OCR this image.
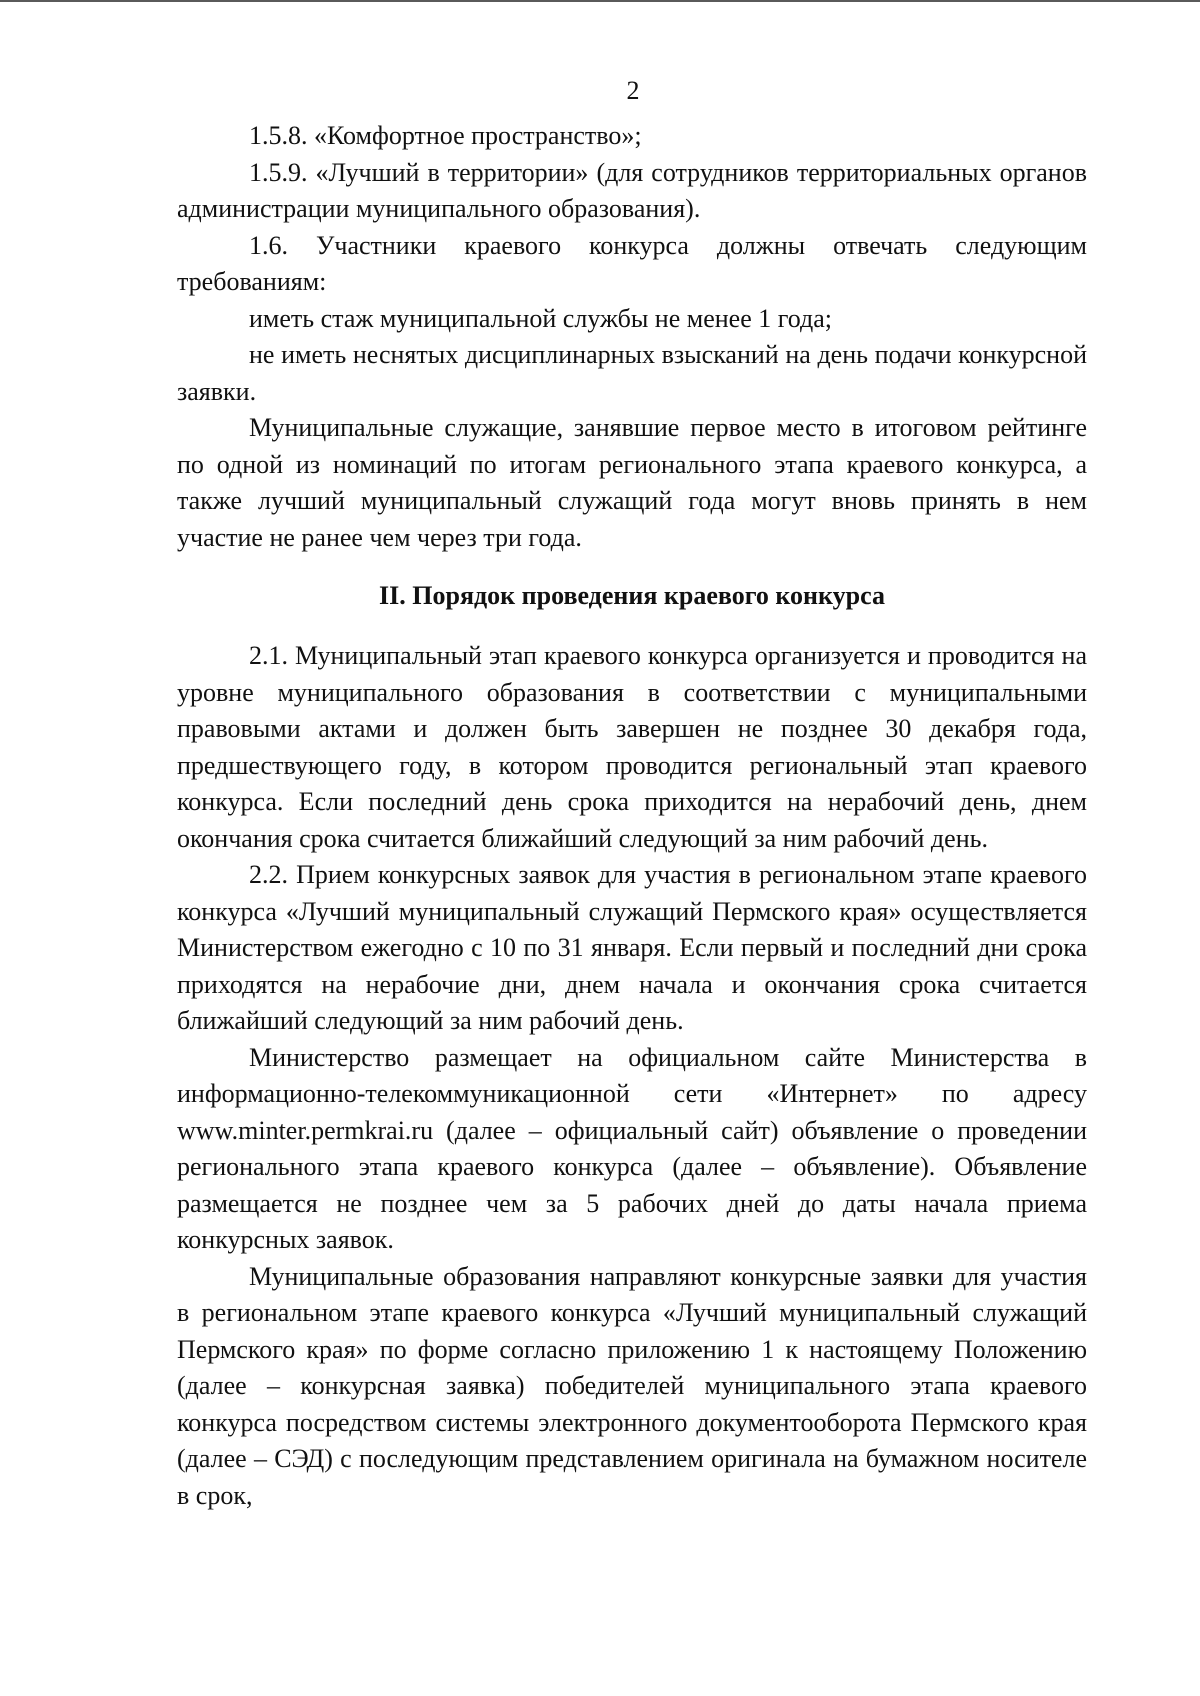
2

1.5.8. «Комфортное пространство»;

1.5.9. «Лучший в территории» (для сотрудников территориальных органов администрации муниципального образования).

1.6. Участники краевого конкурса должны отвечать следующим требованиям:

иметь стаж муниципальной службы не менее 1 года;

не иметь неснятых дисциплинарных взысканий на день подачи конкурсной заявки.

Муниципальные служащие, занявшие первое место в итоговом рейтинге по одной из номинаций по итогам регионального этапа краевого конкурса, а также лучший муниципальный служащий года могут вновь принять в нем участие не ранее чем через три года.

II. Порядок проведения краевого конкурса

2.1. Муниципальный этап краевого конкурса организуется и проводится на уровне муниципального образования в соответствии с муниципальными правовыми актами и должен быть завершен не позднее 30 декабря года, предшествующего году, в котором проводится региональный этап краевого конкурса. Если последний день срока приходится на нерабочий день, днем окончания срока считается ближайший следующий за ним рабочий день.

2.2. Прием конкурсных заявок для участия в региональном этапе краевого конкурса «Лучший муниципальный служащий Пермского края» осуществляется Министерством ежегодно с 10 по 31 января. Если первый и последний дни срока приходятся на нерабочие дни, днем начала и окончания срока считается ближайший следующий за ним рабочий день.

Министерство размещает на официальном сайте Министерства в информационно-телекоммуникационной сети «Интернет» по адресу www.minter.permkrai.ru (далее – официальный сайт) объявление о проведении регионального этапа краевого конкурса (далее – объявление). Объявление размещается не позднее чем за 5 рабочих дней до даты начала приема конкурсных заявок.

Муниципальные образования направляют конкурсные заявки для участия в региональном этапе краевого конкурса «Лучший муниципальный служащий Пермского края» по форме согласно приложению 1 к настоящему Положению (далее – конкурсная заявка) победителей муниципального этапа краевого конкурса посредством системы электронного документооборота Пермского края (далее – СЭД) с последующим представлением оригинала на бумажном носителе в срок,
